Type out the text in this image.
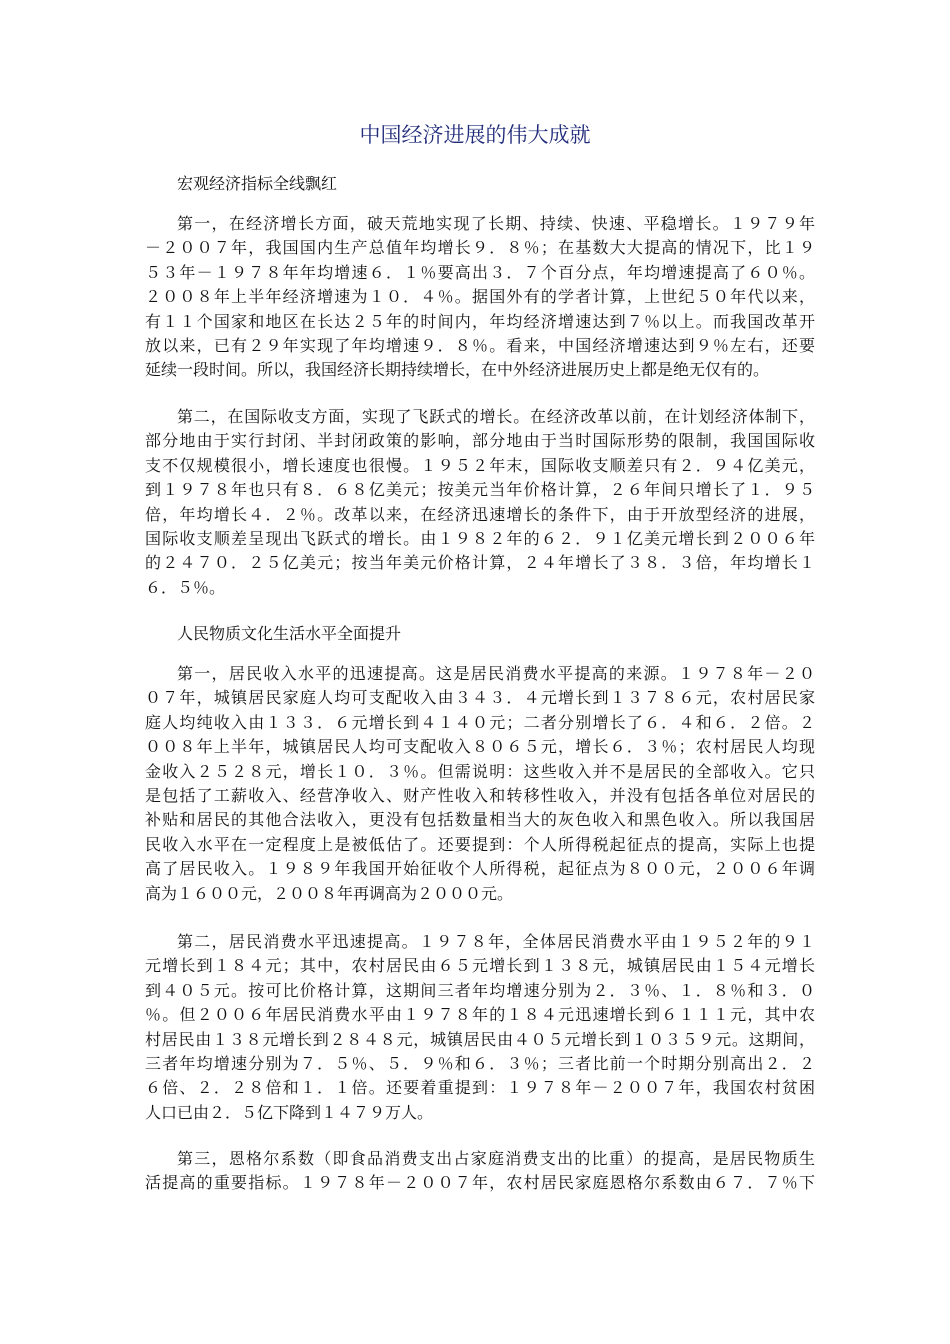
中国经济进展的伟大成就
宏观经济指标全线飘红
第一，在经济增长方面，破天荒地实现了长期、持续、快速、平稳增长。１９７９年
－２００７年，我国国内生产总值年均增长９．８％；在基数大大提高的情况下，比１９
５３年－１９７８年年均增速６．１％要高出３．７个百分点，年均增速提高了６０％。
２００８年上半年经济增速为１０．４％。据国外有的学者计算，上世纪５０年代以来，
有１１个国家和地区在长达２５年的时间内，年均经济增速达到７％以上。而我国改革开
放以来，已有２９年实现了年均增速９．８％。看来，中国经济增速达到９％左右，还要
延续一段时间。所以，我国经济长期持续增长，在中外经济进展历史上都是绝无仅有的。
第二，在国际收支方面，实现了飞跃式的增长。在经济改革以前，在计划经济体制下，
部分地由于实行封闭、半封闭政策的影响，部分地由于当时国际形势的限制，我国国际收
支不仅规模很小，增长速度也很慢。１９５２年末，国际收支顺差只有２．９４亿美元，
到１９７８年也只有８．６８亿美元；按美元当年价格计算，２６年间只增长了１．９５
倍，年均增长４．２％。改革以来，在经济迅速增长的条件下，由于开放型经济的进展，
国际收支顺差呈现出飞跃式的增长。由１９８２年的６２．９１亿美元增长到２００６年
的２４７０．２５亿美元；按当年美元价格计算，２４年增长了３８．３倍，年均增长１
６．５％。
人民物质文化生活水平全面提升
第一，居民收入水平的迅速提高。这是居民消费水平提高的来源。１９７８年－２０
０７年，城镇居民家庭人均可支配收入由３４３．４元增长到１３７８６元，农村居民家
庭人均纯收入由１３３．６元增长到４１４０元；二者分别增长了６．４和６．２倍。２
００８年上半年，城镇居民人均可支配收入８０６５元，增长６．３％；农村居民人均现
金收入２５２８元，增长１０．３％。但需说明：这些收入并不是居民的全部收入。它只
是包括了工薪收入、经营净收入、财产性收入和转移性收入，并没有包括各单位对居民的
补贴和居民的其他合法收入，更没有包括数量相当大的灰色收入和黑色收入。所以我国居
民收入水平在一定程度上是被低估了。还要提到：个人所得税起征点的提高，实际上也提
高了居民收入。１９８９年我国开始征收个人所得税，起征点为８００元，２００６年调
高为１６００元，２００８年再调高为２０００元。
第二，居民消费水平迅速提高。１９７８年，全体居民消费水平由１９５２年的９１
元增长到１８４元；其中，农村居民由６５元增长到１３８元，城镇居民由１５４元增长
到４０５元。按可比价格计算，这期间三者年均增速分别为２．３％、１．８％和３．０
％。但２００６年居民消费水平由１９７８年的１８４元迅速增长到６１１１元，其中农
村居民由１３８元增长到２８４８元，城镇居民由４０５元增长到１０３５９元。这期间，
三者年均增速分别为７．５％、５．９％和６．３％；三者比前一个时期分别高出２．２
６倍、２．２８倍和１．１倍。还要着重提到：１９７８年－２００７年，我国农村贫困
人口已由２．５亿下降到１４７９万人。
第三，恩格尔系数（即食品消费支出占家庭消费支出的比重）的提高，是居民物质生
活提高的重要指标。１９７８年－２００７年，农村居民家庭恩格尔系数由６７．７％下
